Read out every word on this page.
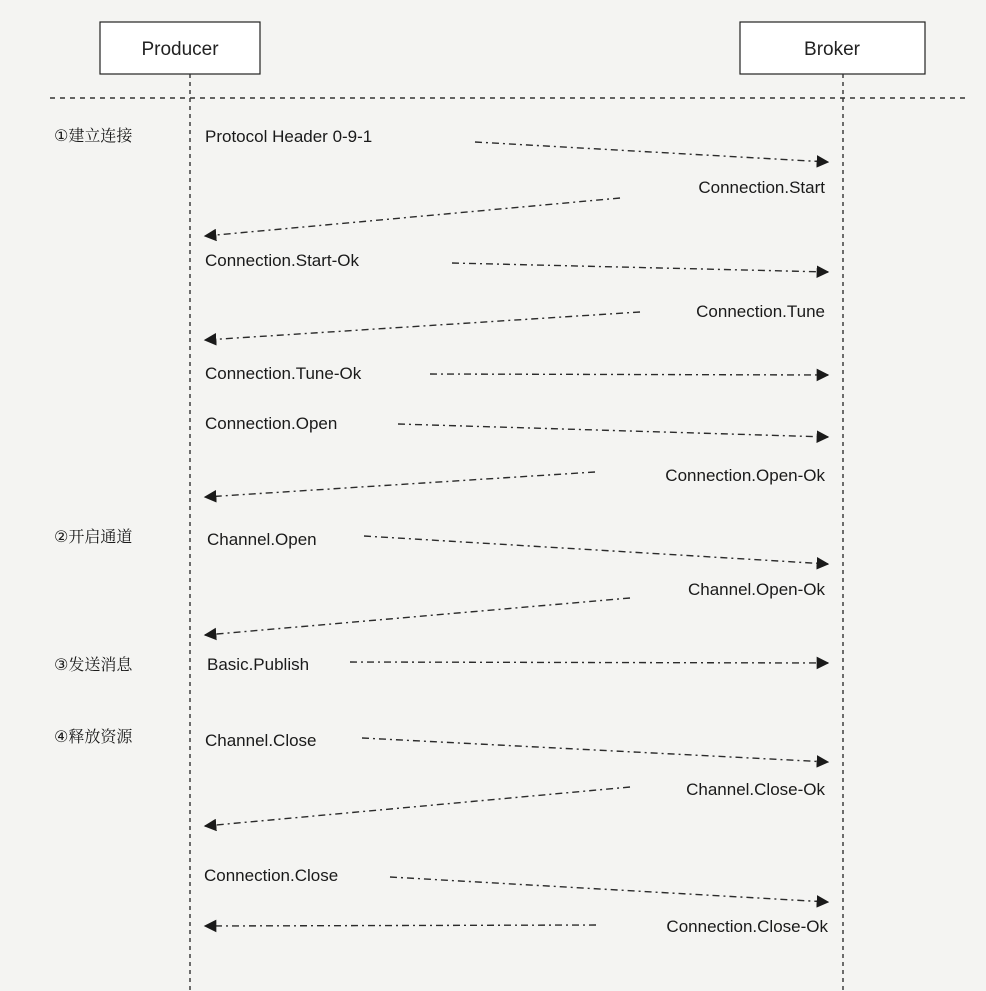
Producer	Broker
①建立连接
②开启通道
③发送消息
④释放资源
Protocol Header 0-9-1
Connection.Start
Connection.Start-Ok
Connection.Tune
Connection.Tune-Ok
Connection.Open
Connection.Open-Ok
Channel.Open
Channel.Open-Ok
Basic.Publish
Channel.Close
Channel.Close-Ok
Connection.Close
Connection.Close-Ok
